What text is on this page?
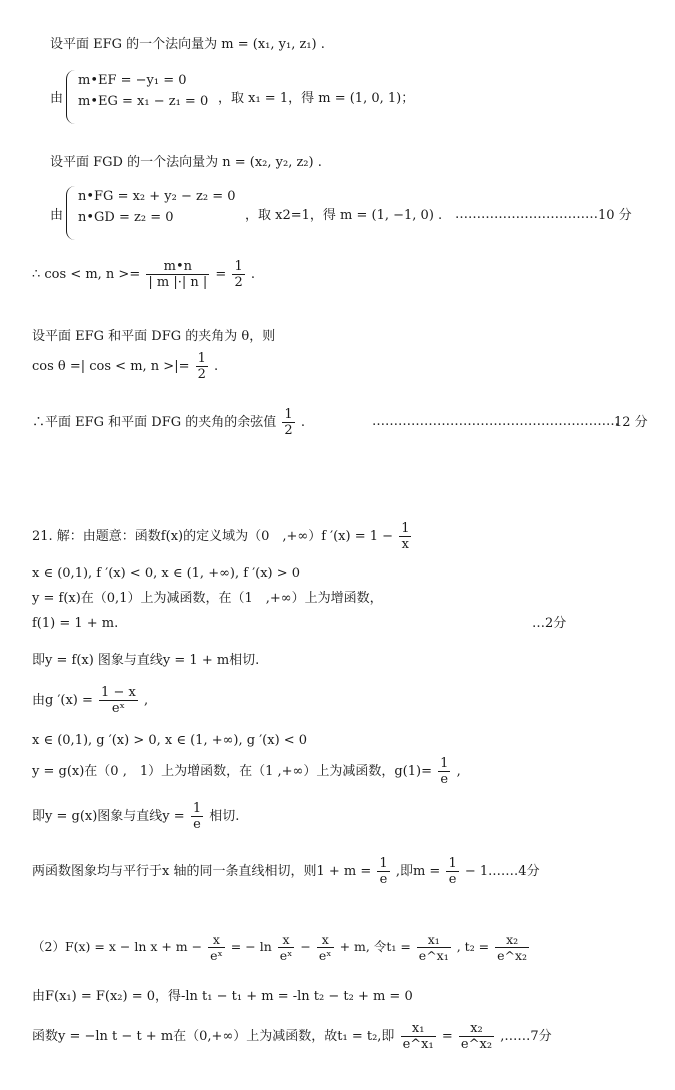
设平面 EFG 的一个法向量为 m = (x₁, y₁, z₁) .
由
m•EF = −y₁ = 0
m•EG = x₁ − z₁ = 0 ，取 x₁ = 1，得 m = (1, 0, 1)；
设平面 FGD 的一个法向量为 n = (x₂, y₂, z₂) .
由
n•FG = x₂ + y₂ − z₂ = 0
n•GD = z₂ = 0	，取 x2=1，得 m = (1, −1, 0) . …………………………… 10 分
∴ cos < m, $n >= \frac{m•n}{| m |\cdot| n |} = \frac{1}{2}$ .
设平面 EFG 和平面 DFG 的夹角为 θ，则
cos θ =| cos < m, n >|= $\frac{1}{2}$ .
∴平面 EFG 和平面 DFG 的夹角的余弦值 $\frac{1}{2}$ .	…………………………………………………
12 分
21. 解：由题意：函数f(x)的定义域为（0　,+∞）f $'(x) = 1 - \frac{1}{x}$
x ∈ (0,1), f ′(x) < 0, x ∈ (1, +∞), f ′(x) > 0
y = f(x)在（0,1）上为减函数，在（1　,+∞）上为增函数，
f(1) = 1 + m.	…2分
即y = f(x) 图象与直线y = 1 + m相切.
由g $'(x) = \frac{1 - x}{\text{eˣ}}$ ,
x ∈ (0,1), g ′(x) > 0, x ∈ (1, +∞), g ′(x) < 0
y = g(x)在（0 ,　1）上为增函数，在（1 ,+∞）上为减函数，$g(1)= \frac{1}{e}$ ,
即y = g(x)图象与直线$y = \frac{1}{e}$ 相切.
两函数图象均与平行于x 轴的同一条直线相切，则$1 + m = \frac{1}{e}$ ,即$m = \frac{1}{e}$ − 1.……4分
$(2)F(x) = x - \ln x + m - \frac{x}{\text{eˣ}}$ = − $\ln \frac{x}{\text{eˣ}} - \frac{x}{\text{eˣ}} + m$, 令$t_1 = \frac{\text{x₁}}{\text{e\textasciicircum{}x₁}}$ , $t_2 = \frac{\text{x₂}}{\text{e\textasciicircum{}x₂}}$
由F(x₁) = F(x₂) = 0，得-ln t₁ − t₁ + m = -ln t₂ − t₂ + m = 0
函数y = −ln t − t + m在（0,+∞）上为减函数，故t₁ = t₂,即 $\frac{\text{x₁}}{\text{e\textasciicircum{}x₁}} = \frac{\text{x₂}}{\text{e\textasciicircum{}x₂}}$ ,……7分
